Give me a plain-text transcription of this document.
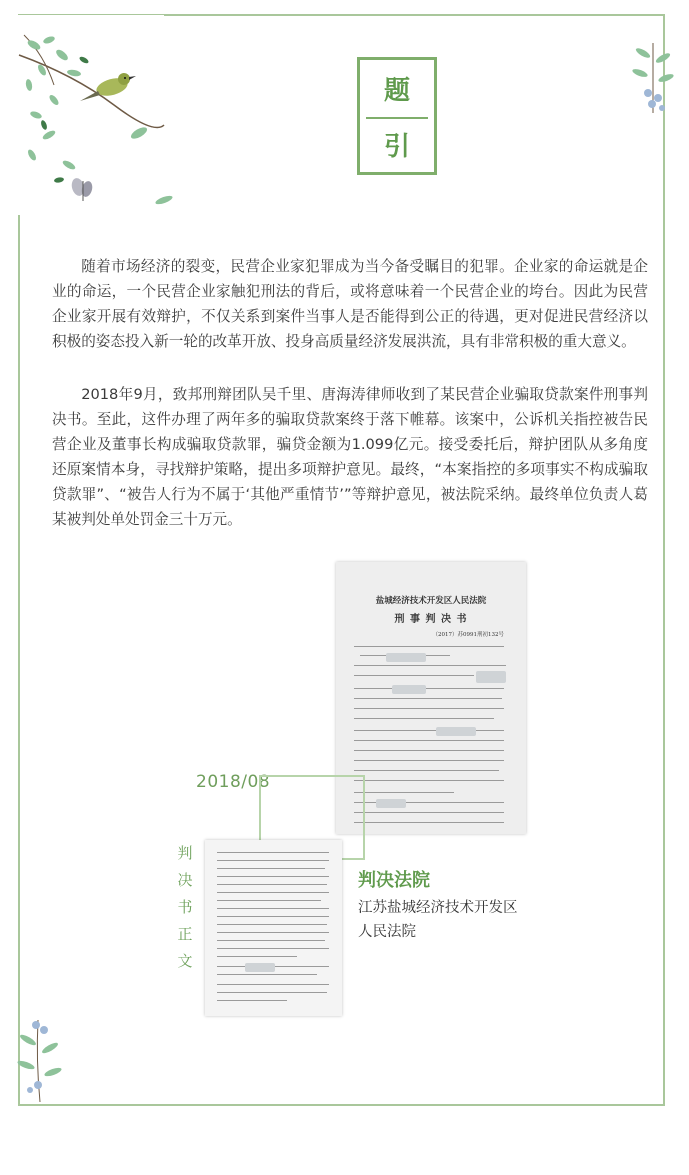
题
引

随着市场经济的裂变，民营企业家犯罪成为当今备受瞩目的犯罪。企业家的命运就是企业的命运，一个民营企业家触犯刑法的背后，或将意味着一个民营企业的垮台。因此为民营企业家开展有效辩护，不仅关系到案件当事人是否能得到公正的待遇，更对促进民营经济以积极的姿态投入新一轮的改革开放、投身高质量经济发展洪流，具有非常积极的重大意义。

2018年9月，致邦刑辩团队吴千里、唐海涛律师收到了某民营企业骗取贷款案件刑事判决书。至此，这件办理了两年多的骗取贷款案终于落下帷幕。该案中，公诉机关指控被告民营企业及董事长构成骗取贷款罪，骗贷金额为1.099亿元。接受委托后，辩护团队从多角度还原案情本身，寻找辩护策略，提出多项辩护意见。最终，“本案指控的多项事实不构成骗取贷款罪”、“被告人行为不属于‘其他严重情节’”等辩护意见，被法院采纳。最终单位负责人葛某被判处单处罚金三十万元。

盐城经济技术开发区人民法院
刑 事 判 决 书
（2017）苏0991刑初132号
2018/08
判
决
书
正
文
判决法院
江苏盐城经济技术开发区
人民法院
